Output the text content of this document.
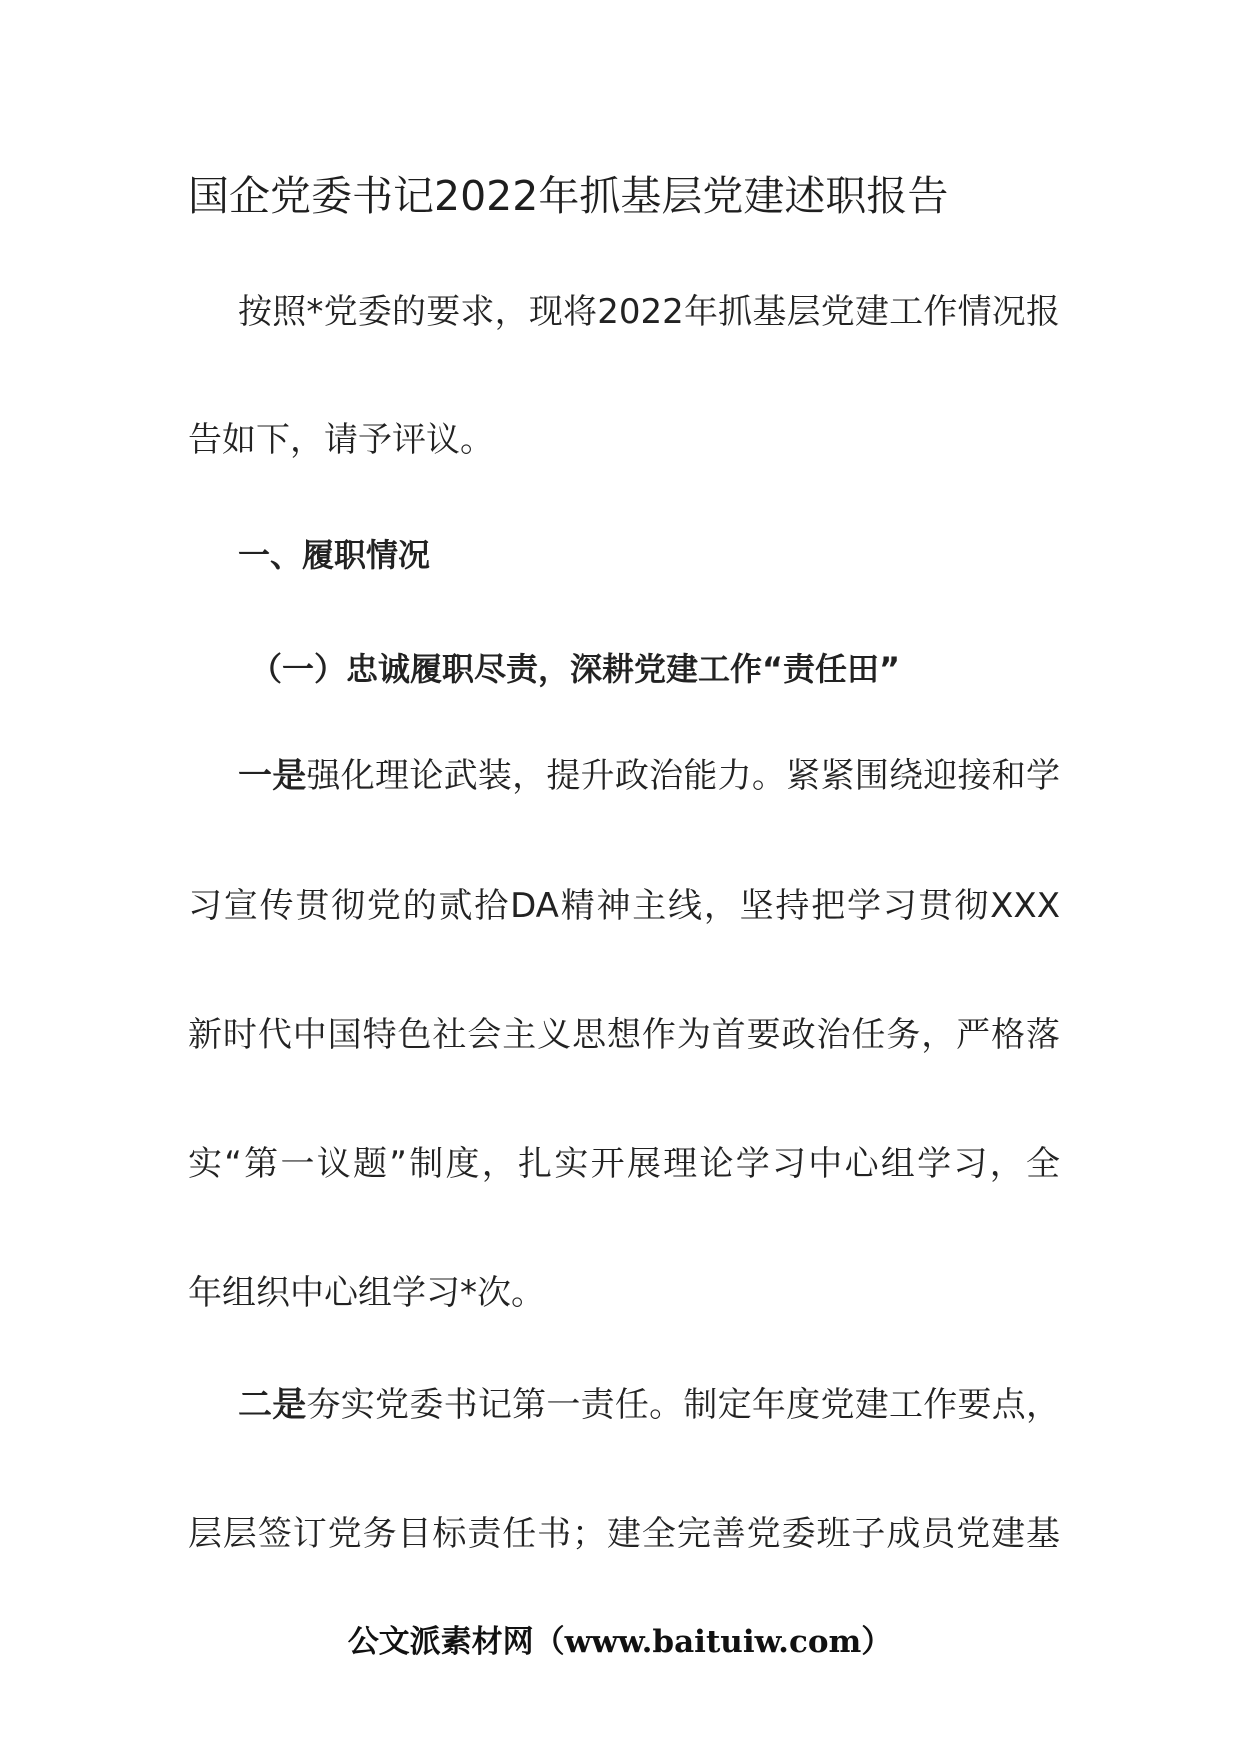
国企党委书记2022年抓基层党建述职报告
按照*党委的要求，现将2022年抓基层党建工作情况报
告如下，请予评议。
一、履职情况
（一）忠诚履职尽责，深耕党建工作“责任田”
一是强化理论武装，提升政治能力。紧紧围绕迎接和学
习宣传贯彻党的贰拾DA精神主线，坚持把学习贯彻XXX
新时代中国特色社会主义思想作为首要政治任务，严格落
实“第一议题”制度，扎实开展理论学习中心组学习，全
年组织中心组学习*次。
二是夯实党委书记第一责任。制定年度党建工作要点，
层层签订党务目标责任书；建全完善党委班子成员党建基
公文派素材网（www.baituiw.com）
